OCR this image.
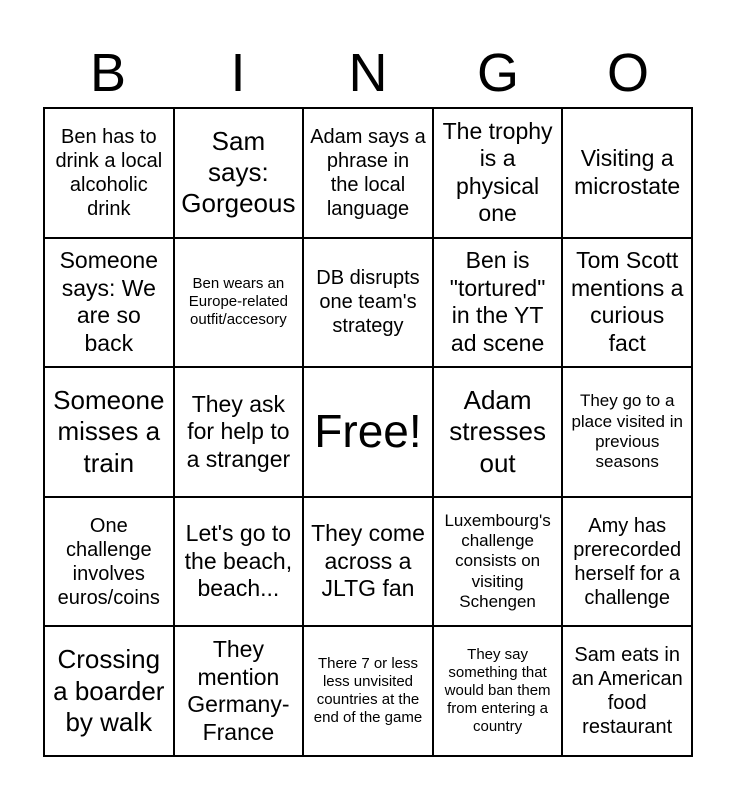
B	I	N	G	O
Ben has to drink a local alcoholic drink
Sam says: Gorgeous
Adam says a phrase in the local language
The trophy is a physical one
Visiting a microstate
Someone says: We are so back
Ben wears an Europe-related outfit/accesory
DB disrupts one team's strategy
Ben is "tortured" in the YT ad scene
Tom Scott mentions a curious fact
Someone misses a train
They ask for help to a stranger
Free!
Adam stresses out
They go to a place visited in previous seasons
One challenge involves euros/coins
Let's go to the beach, beach...
They come across a JLTG fan
Luxembourg's challenge consists on visiting Schengen
Amy has prerecorded herself for a challenge
Crossing a boarder by walk
They mention Germany-France
There 7 or less less unvisited countries at the end of the game
They say something that would ban them from entering a country
Sam eats in an American food restaurant
